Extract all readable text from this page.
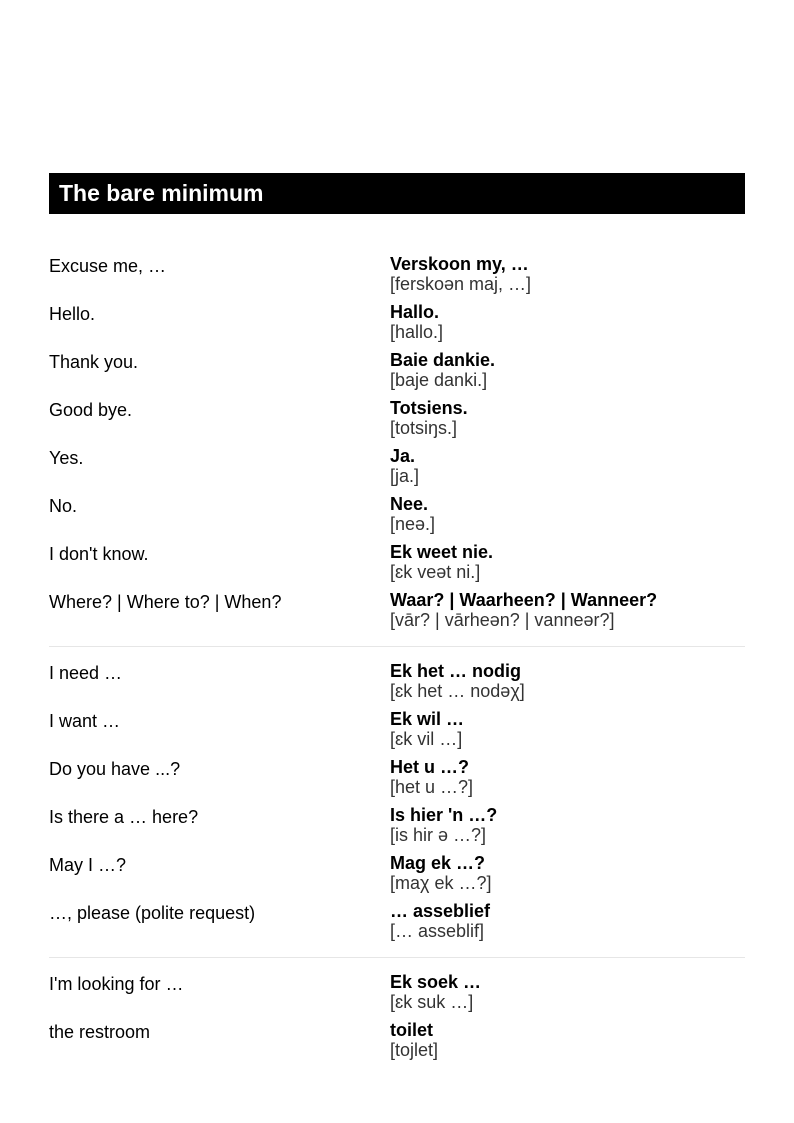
The bare minimum
Excuse me, …	Verskoon my, …
[ferskoən maj, …]
Hello.	Hallo.
[hallo.]
Thank you.	Baie dankie.
[baje danki.]
Good bye.	Totsiens.
[totsiŋs.]
Yes.	Ja.
[ja.]
No.	Nee.
[neə.]
I don't know.	Ek weet nie.
[ɛk veət ni.]
Where? | Where to? | When?	Waar? | Waarheen? | Wanneer?
[vār? | vārheən? | vanneər?]
I need …	Ek het … nodig
[ɛk het … nodəχ]
I want …	Ek wil …
[ɛk vil …]
Do you have ...?	Het u …?
[het u …?]
Is there a … here?	Is hier 'n …?
[is hir ə …?]
May I …?	Mag ek …?
[maχ ek …?]
…, please (polite request)	… asseblief
[… asseblif]
I'm looking for …	Ek soek …
[ɛk suk …]
the restroom	toilet
[tojlet]
